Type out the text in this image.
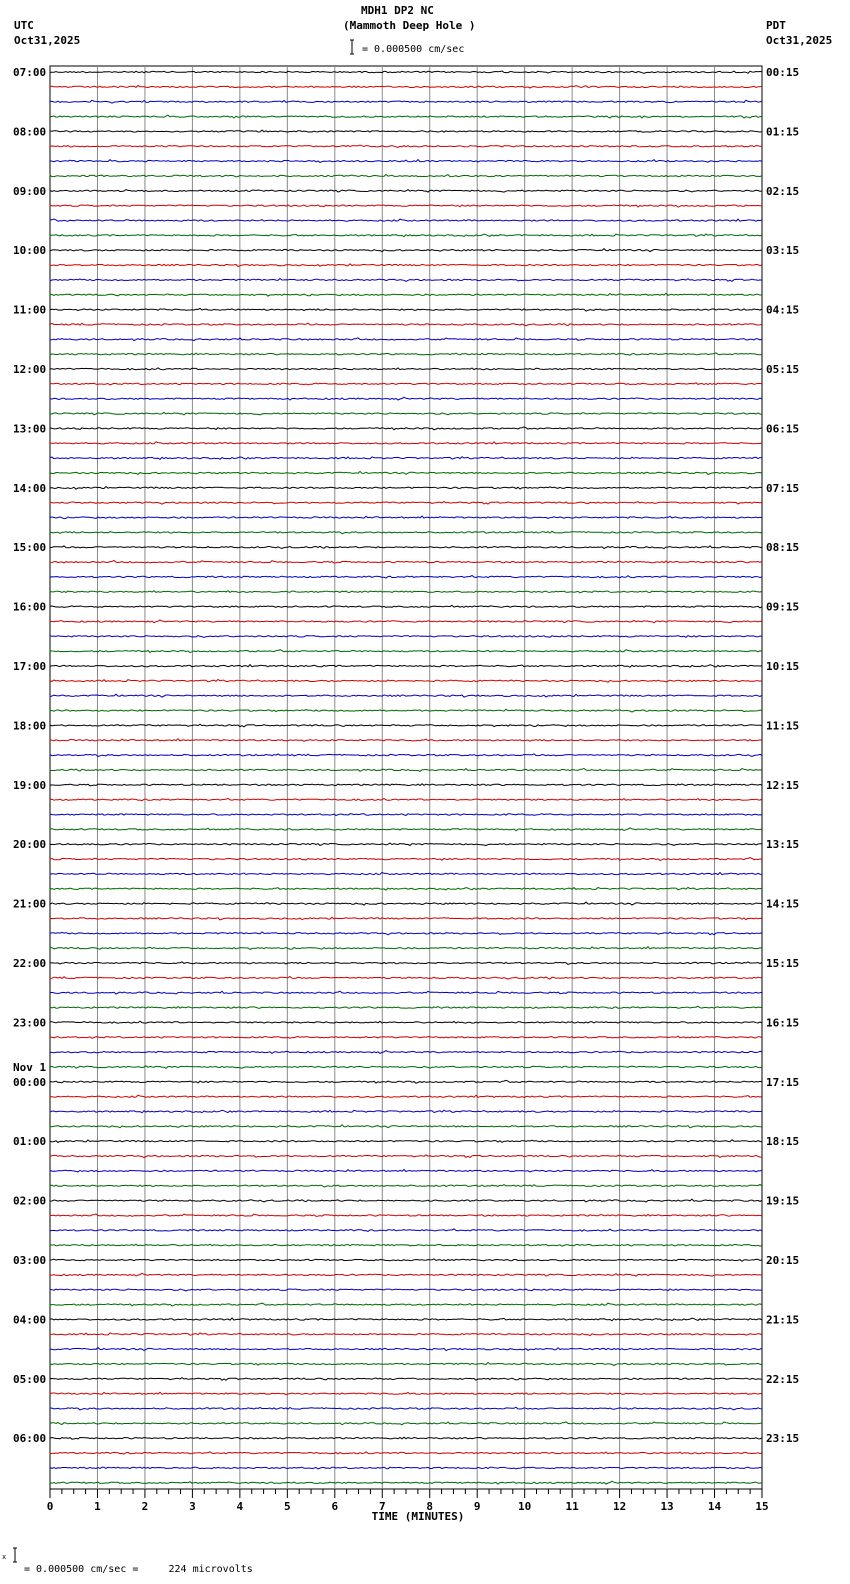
07:00
08:00
09:00
10:00
11:00
12:00
13:00
14:00
15:00
16:00
17:00
18:00
19:00
20:00
21:00
22:00
23:00
00:00
01:00
02:00
03:00
04:00
05:00
06:00
00:15
01:15
02:15
03:15
04:15
05:15
06:15
07:15
08:15
09:15
10:15
11:15
12:15
13:15
14:15
15:15
16:15
17:15
18:15
19:15
20:15
21:15
22:15
23:15
Nov 1
0	1	2	3	4	5	6	7	8	9	10	11	12	13	14	15
TIME (MINUTES)
x
MDH1 DP2 NC
(Mammoth Deep Hole )
UTC
Oct31,2025
PDT
Oct31,2025
= 0.000500 cm/sec
= 0.000500 cm/sec =     224 microvolts
